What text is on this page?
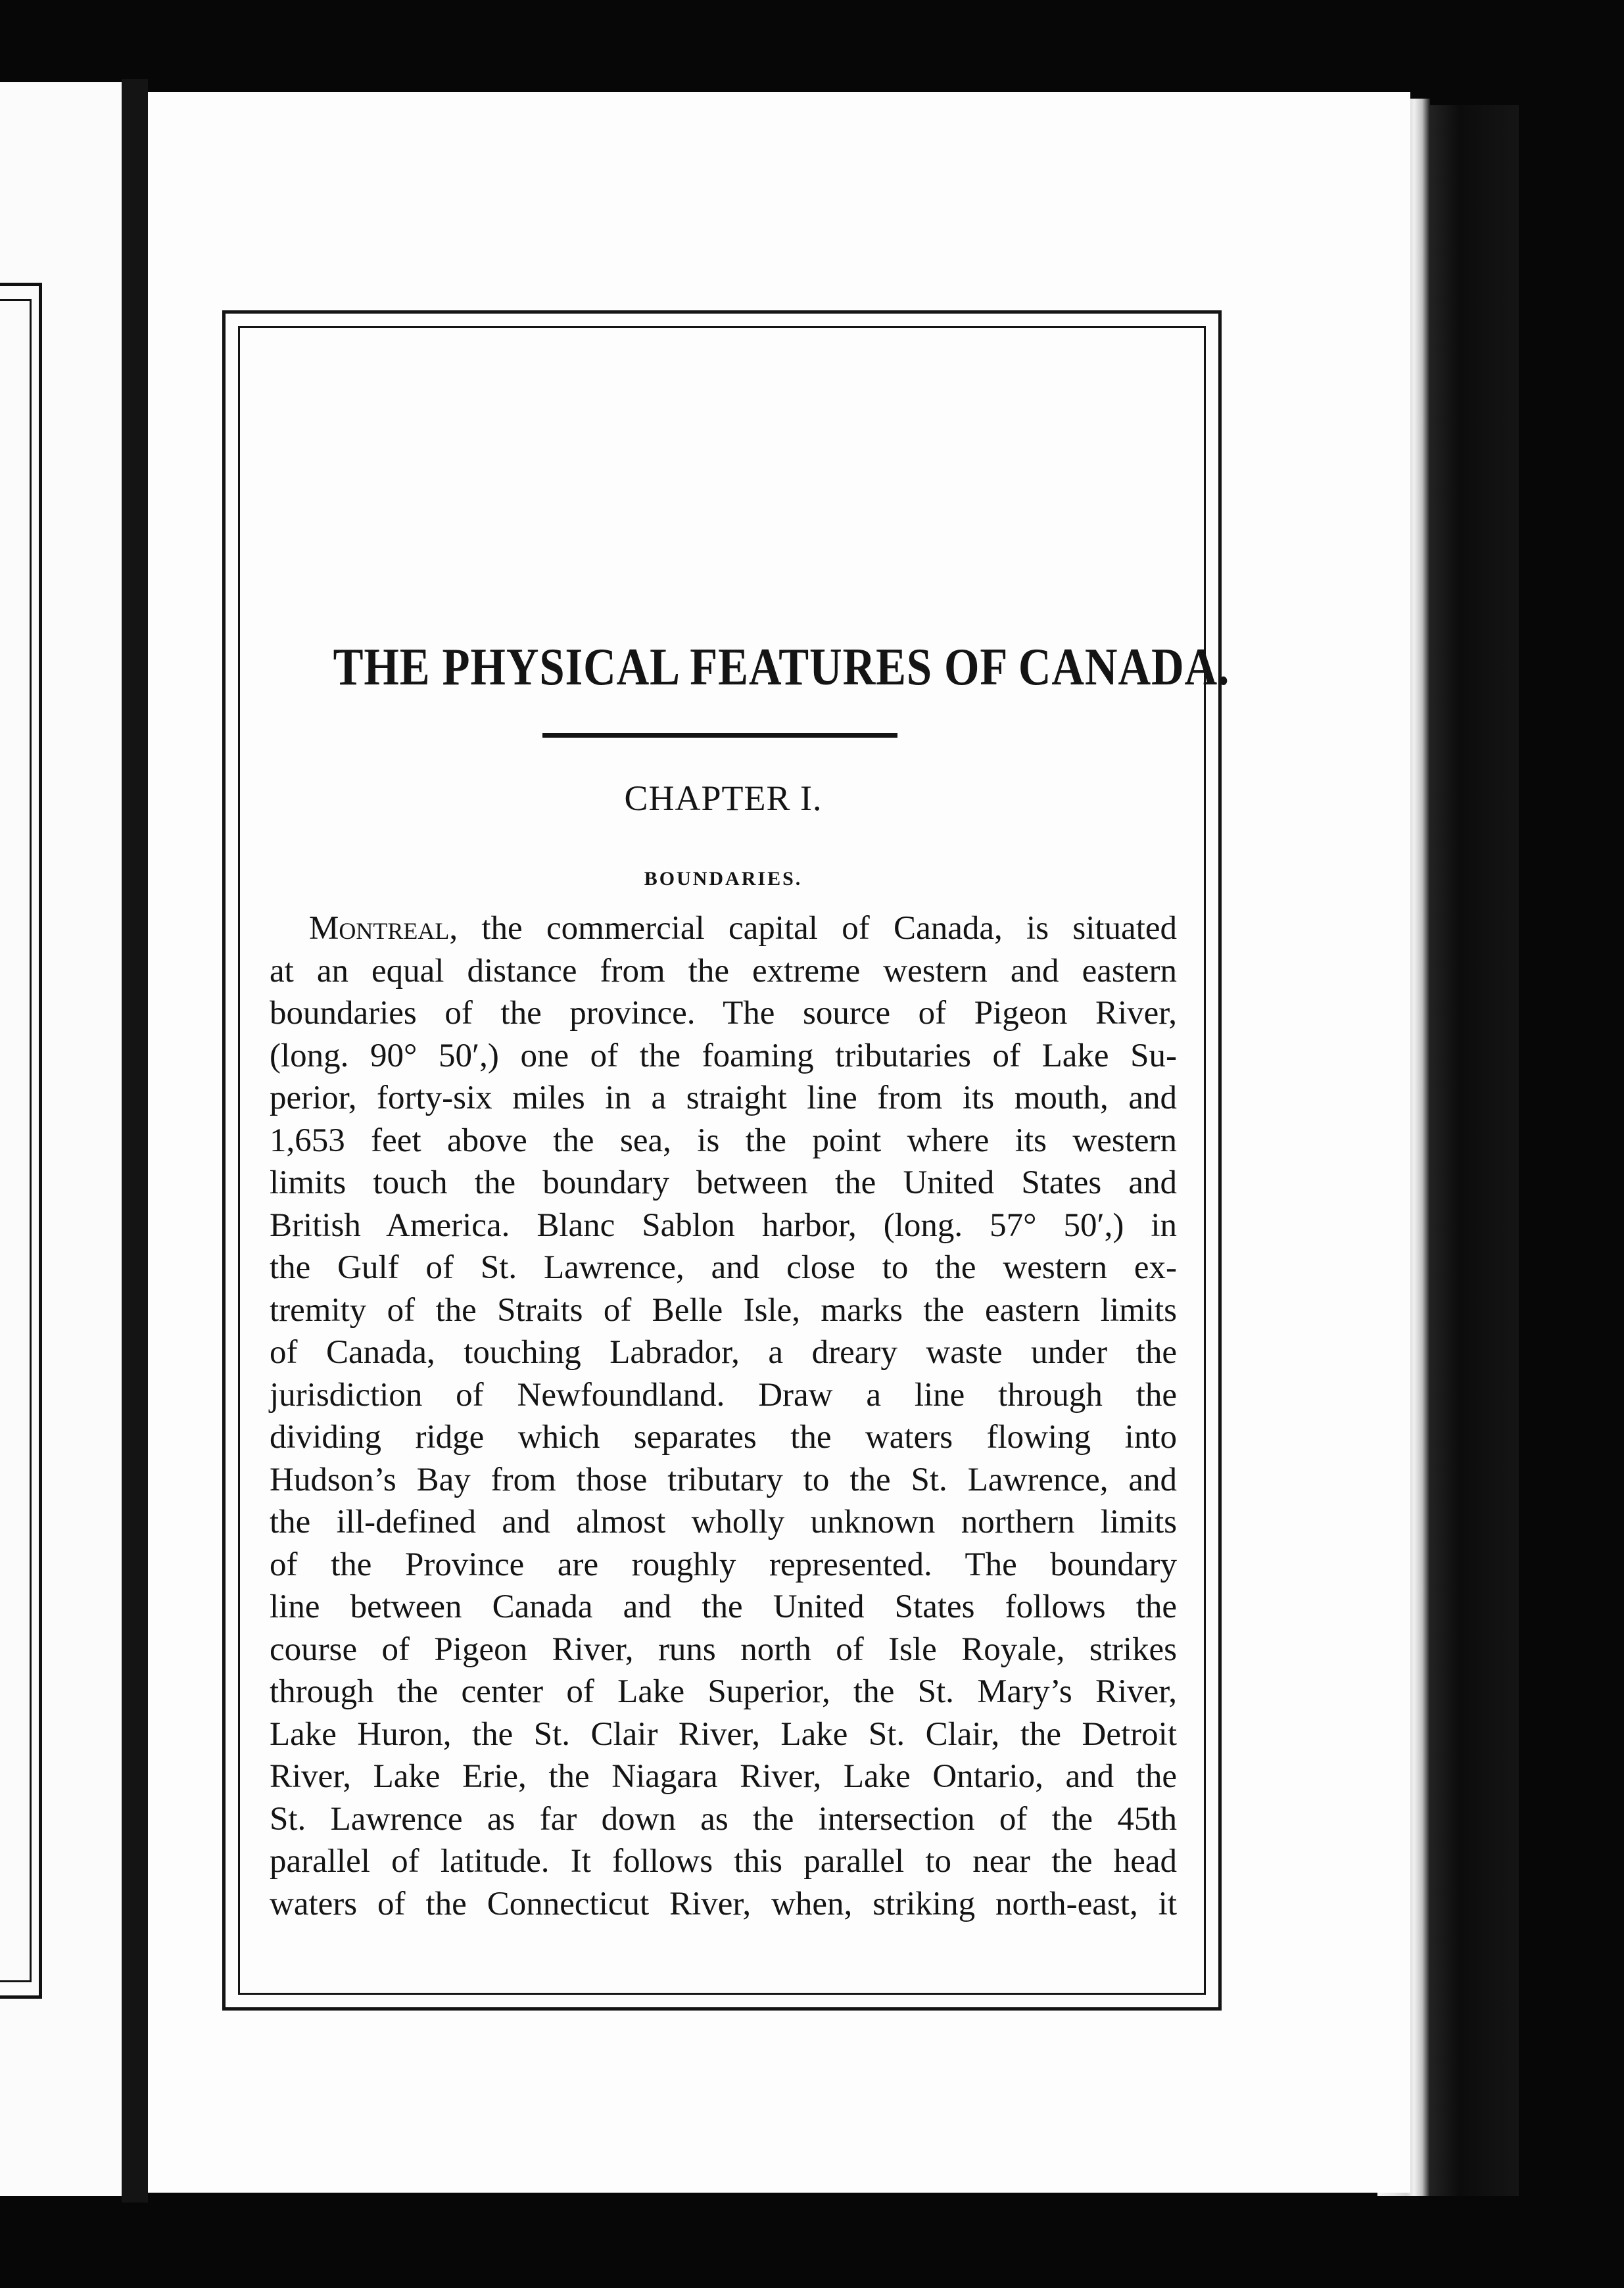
THE PHYSICAL FEATURES OF CANADA.
CHAPTER I.
BOUNDARIES.
Montreal, the commercial capital of Canada, is situated
at an equal distance from the extreme western and eastern
boundaries of the province. The source of Pigeon River,
(long. 90° 50′,) one of the foaming tributaries of Lake Su-
perior, forty-six miles in a straight line from its mouth, and
1,653 feet above the sea, is the point where its western
limits touch the boundary between the United States and
British America. Blanc Sablon harbor, (long. 57° 50′,) in
the Gulf of St. Lawrence, and close to the western ex-
tremity of the Straits of Belle Isle, marks the eastern limits
of Canada, touching Labrador, a dreary waste under the
jurisdiction of Newfoundland. Draw a line through the
dividing ridge which separates the waters flowing into
Hudson’s Bay from those tributary to the St. Lawrence, and
the ill-defined and almost wholly unknown northern limits
of the Province are roughly represented. The boundary
line between Canada and the United States follows the
course of Pigeon River, runs north of Isle Royale, strikes
through the center of Lake Superior, the St. Mary’s River,
Lake Huron, the St. Clair River, Lake St. Clair, the Detroit
River, Lake Erie, the Niagara River, Lake Ontario, and the
St. Lawrence as far down as the intersection of the 45th
parallel of latitude. It follows this parallel to near the head
waters of the Connecticut River, when, striking north-east, it
